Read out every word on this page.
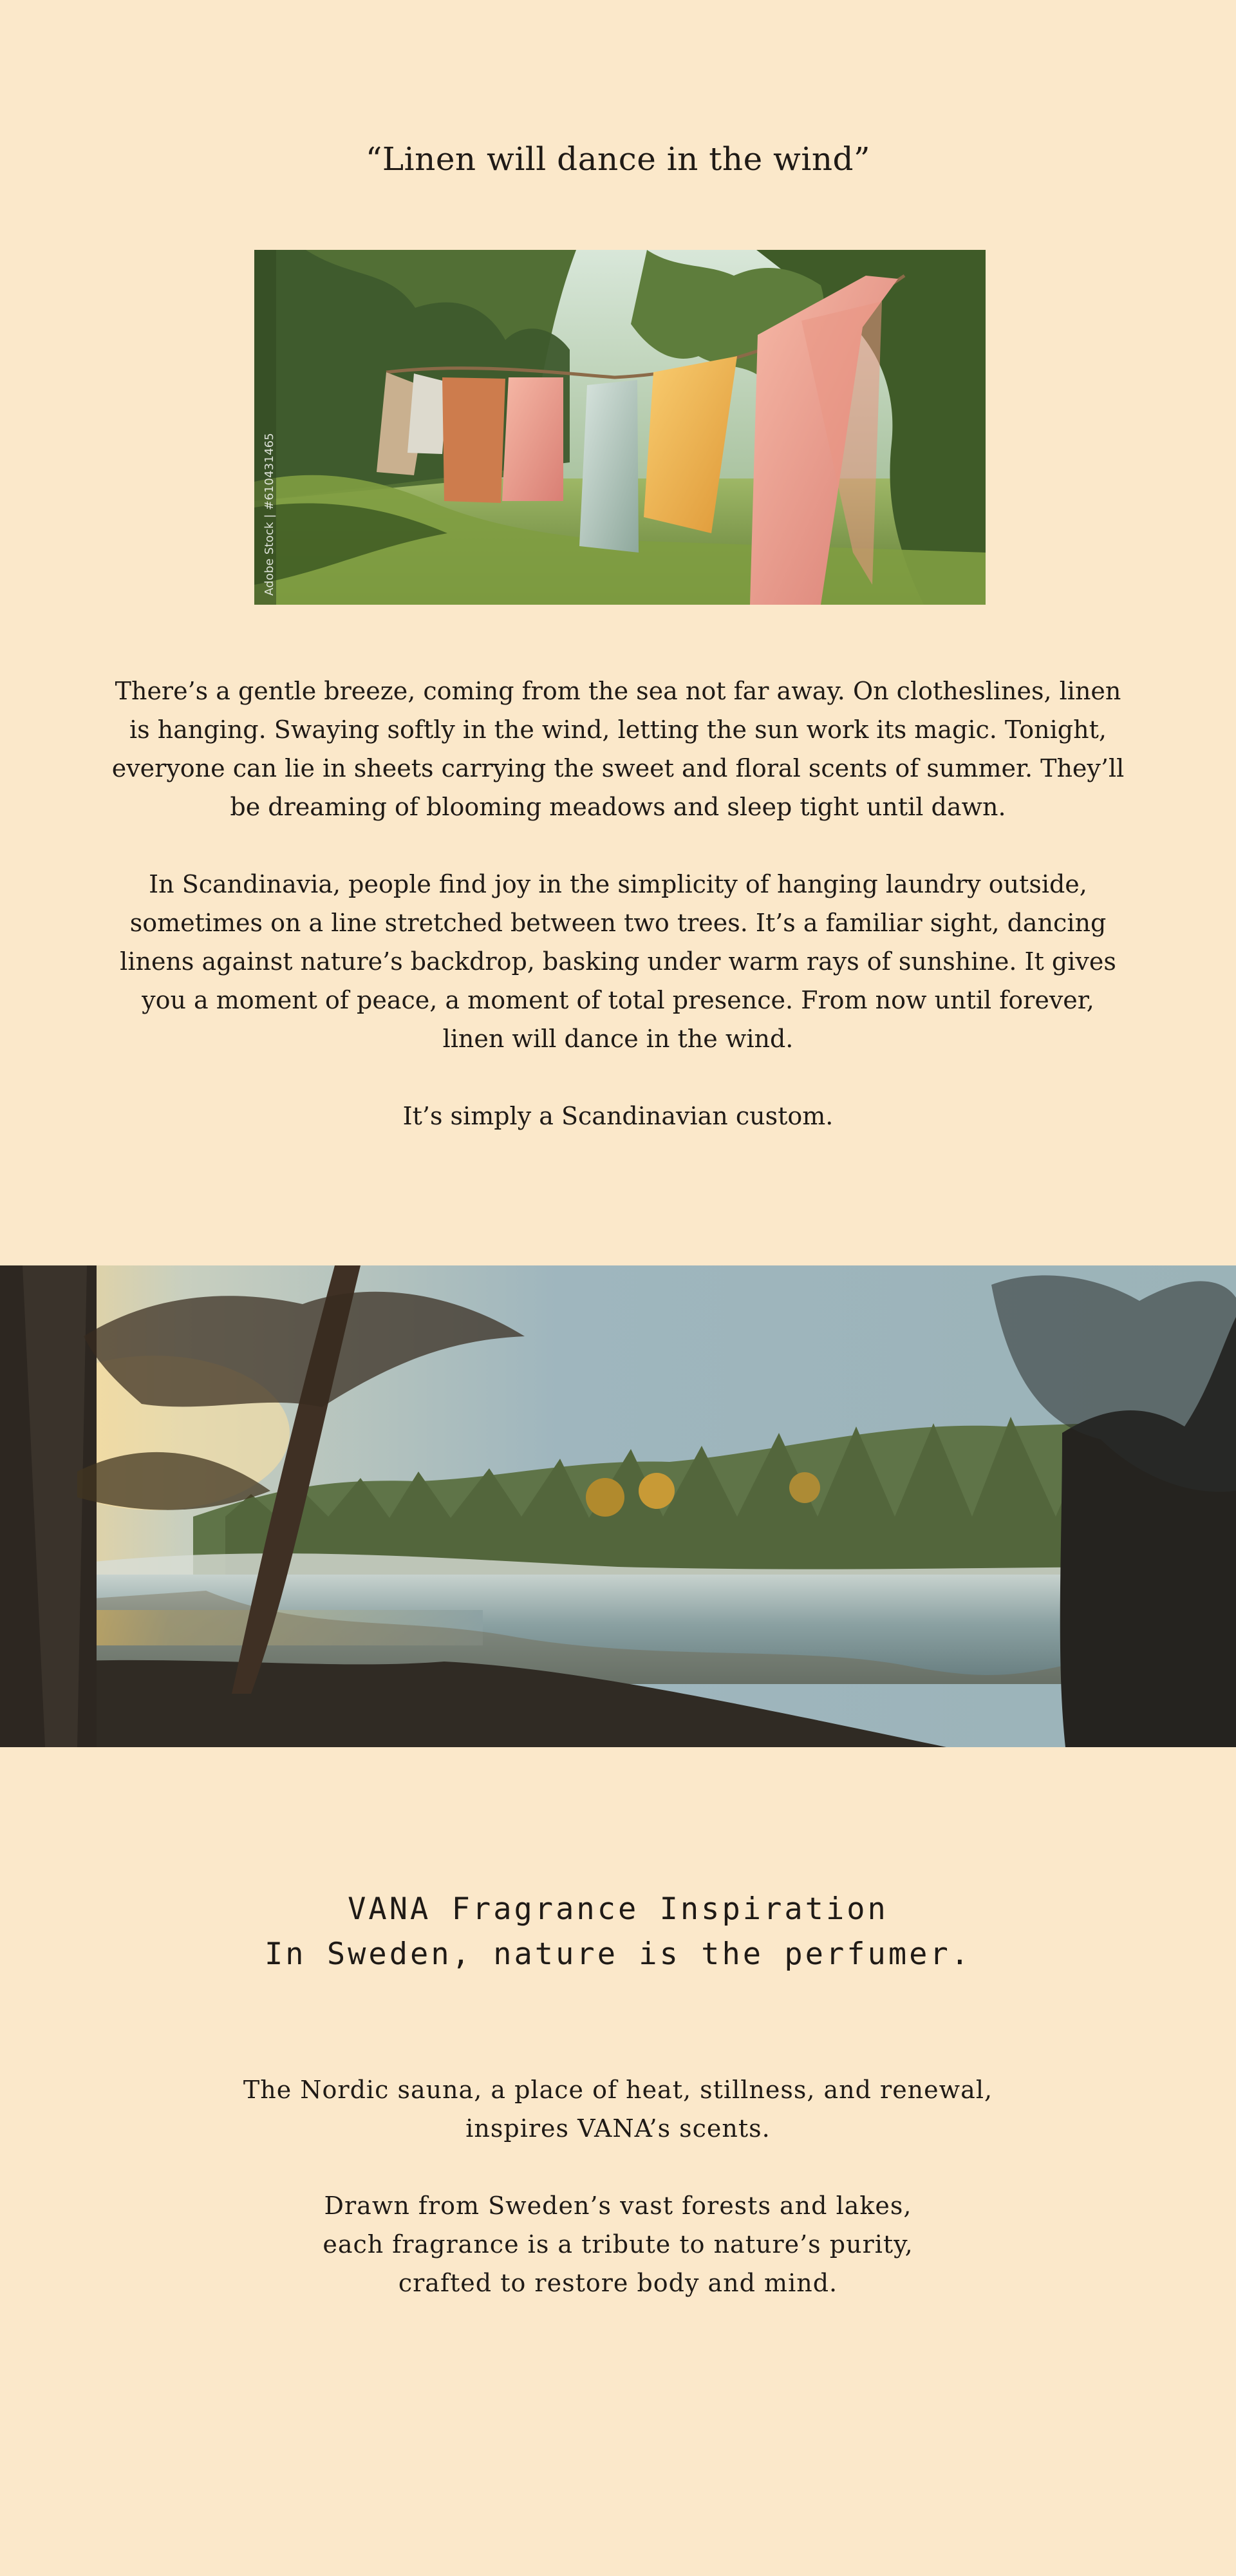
“Linen will dance in the wind”
Adobe Stock | #610431465

There’s a gentle breeze, coming from the sea not far away. On clotheslines, linen is hanging. Swaying softly in the wind, letting the sun work its magic. Tonight, everyone can lie in sheets carrying the sweet and floral scents of summer. They’ll be dreaming of blooming meadows and sleep tight until dawn.

In Scandinavia, people find joy in the simplicity of hanging laundry outside, sometimes on a line stretched between two trees. It’s a familiar sight, dancing linens against nature’s backdrop, basking under warm rays of sunshine. It gives you a moment of peace, a moment of total presence. From now until forever, linen will dance in the wind.

It’s simply a Scandinavian custom.

VANA Fragrance Inspiration
In Sweden, nature is the perfumer.

The Nordic sauna, a place of heat, stillness, and renewal,
inspires VANA’s scents.

Drawn from Sweden’s vast forests and lakes,
each fragrance is a tribute to nature’s purity,
crafted to restore body and mind.
